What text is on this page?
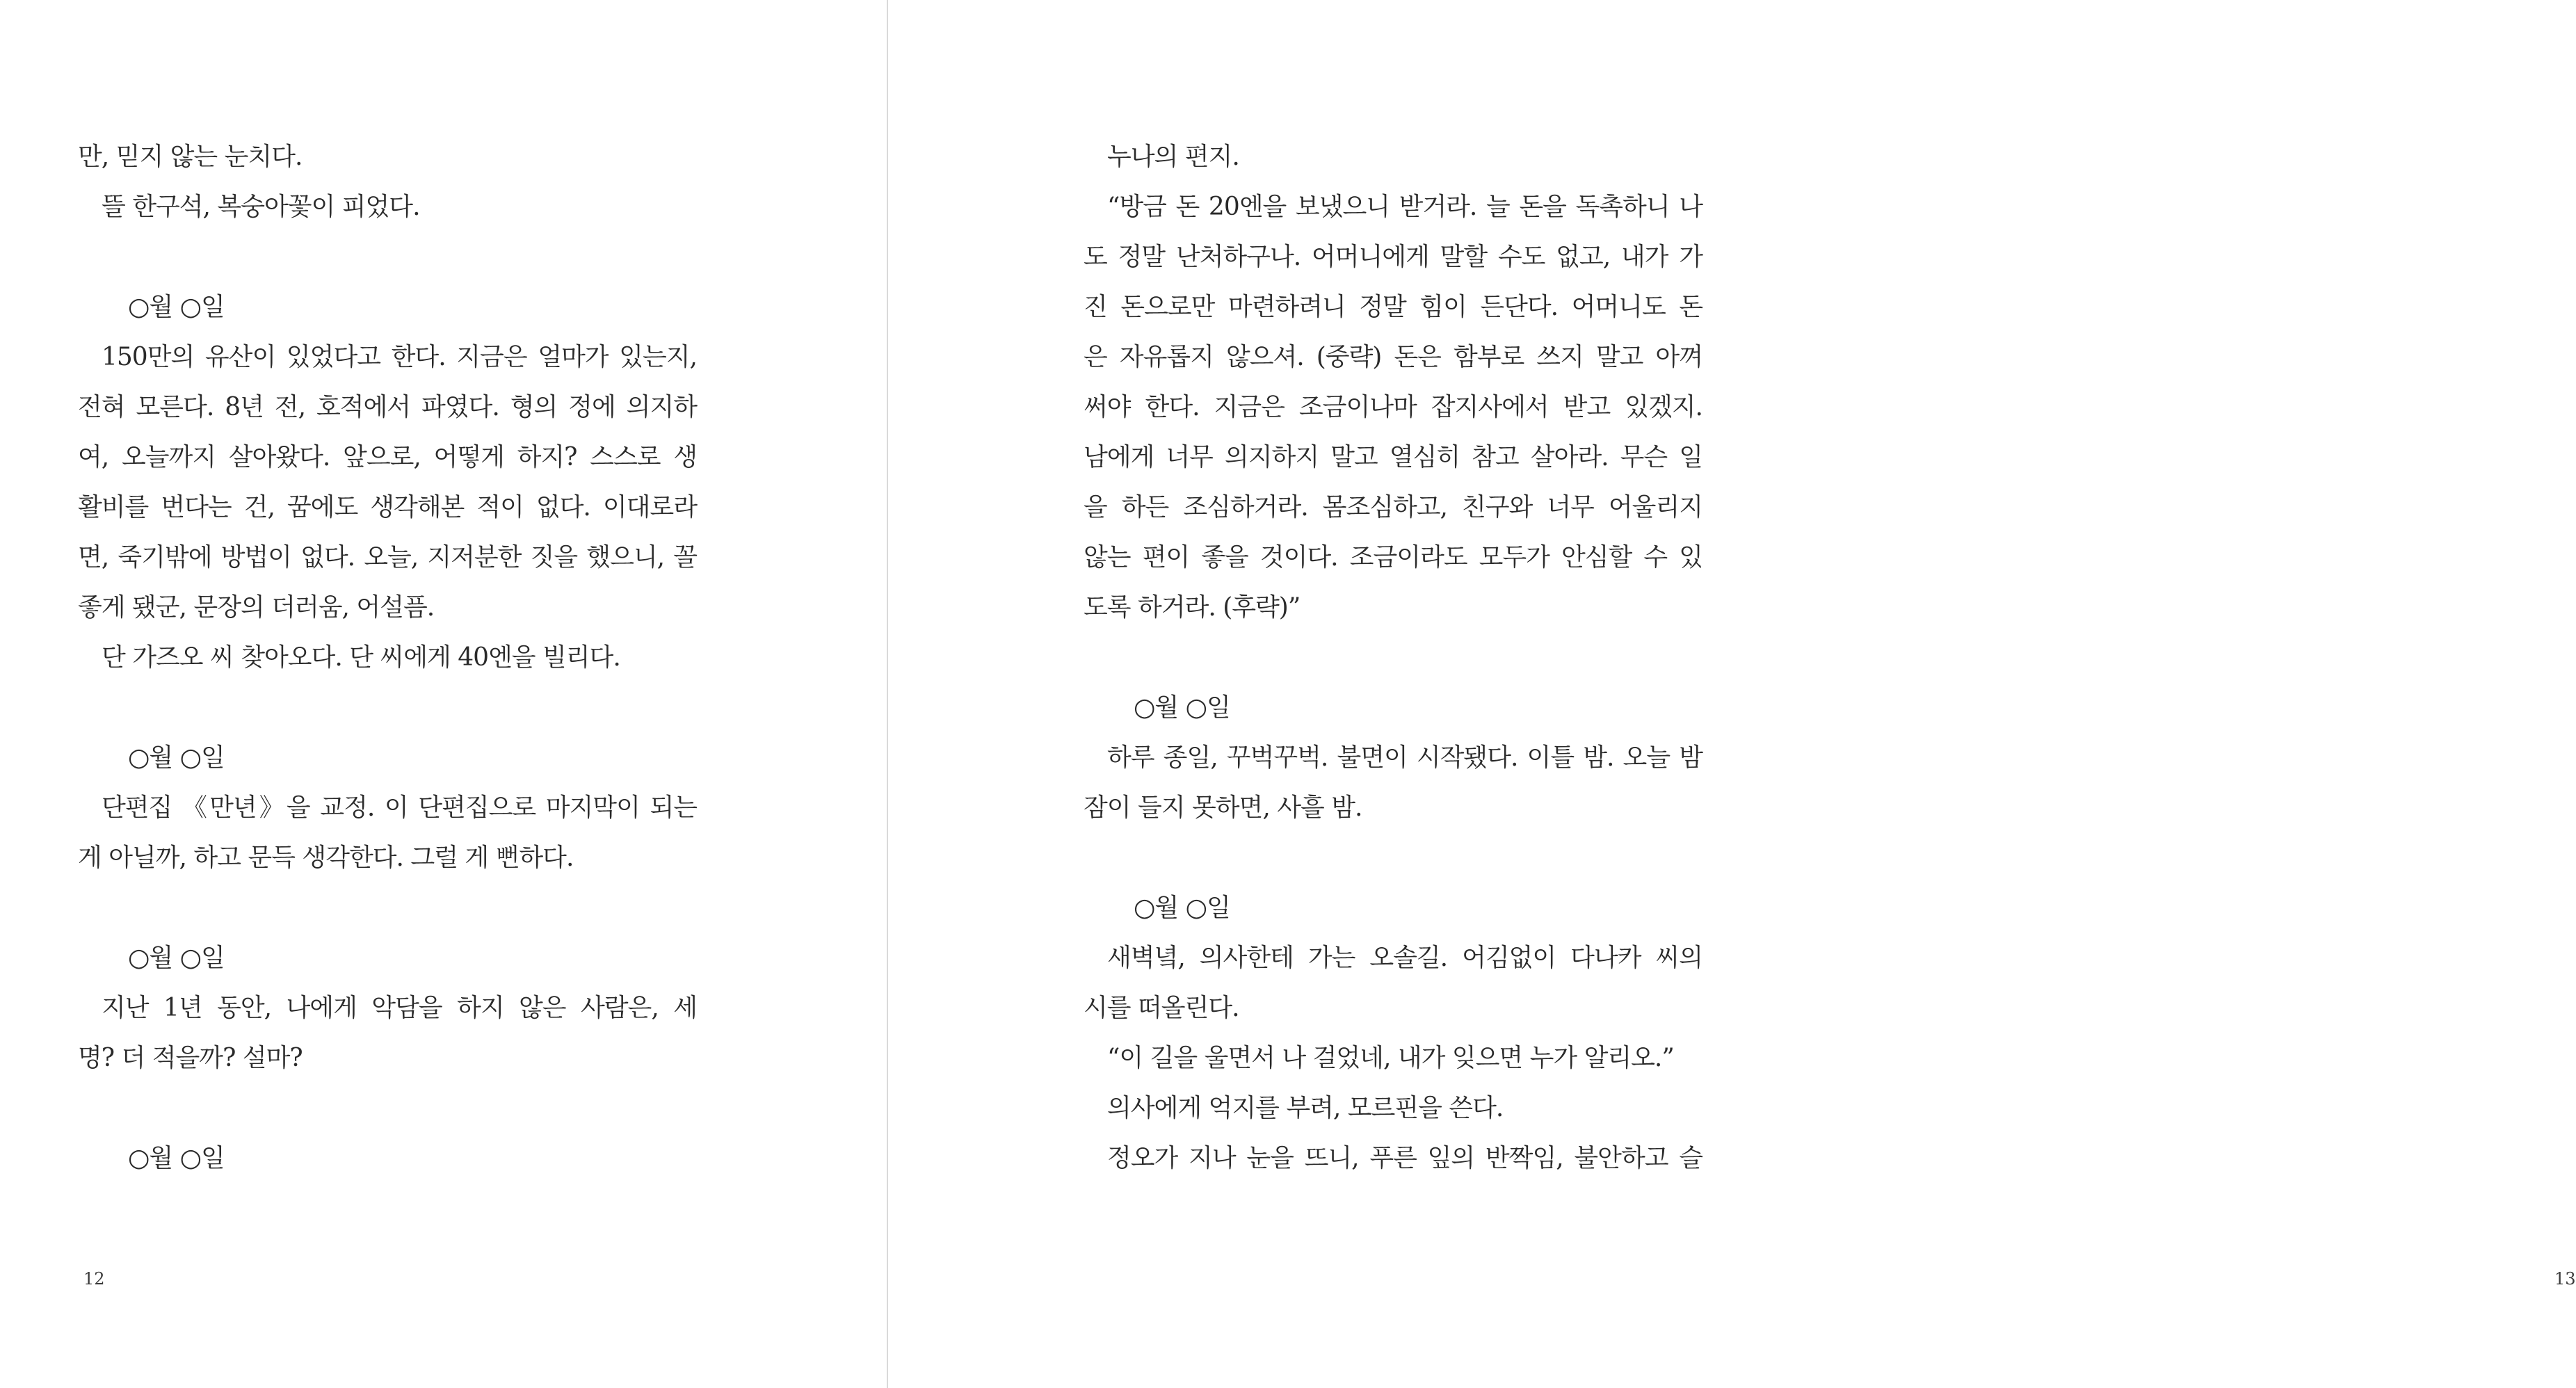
만, 믿지 않는 눈치다.
뜰 한구석, 복숭아꽃이 피었다.
○월 ○일
150만의 유산이 있었다고 한다. 지금은 얼마가 있는지,
전혀 모른다. 8년 전, 호적에서 파였다. 형의 정에 의지하
여, 오늘까지 살아왔다. 앞으로, 어떻게 하지? 스스로 생
활비를 번다는 건, 꿈에도 생각해본 적이 없다. 이대로라
면, 죽기밖에 방법이 없다. 오늘, 지저분한 짓을 했으니, 꼴
좋게 됐군, 문장의 더러움, 어설픔.
단 가즈오 씨 찾아오다. 단 씨에게 40엔을 빌리다.
○월 ○일
단편집 《만년》을 교정. 이 단편집으로 마지막이 되는
게 아닐까, 하고 문득 생각한다. 그럴 게 뻔하다.
○월 ○일
지난 1년 동안, 나에게 악담을 하지 않은 사람은, 세
명? 더 적을까? 설마?
○월 ○일
12
누나의 편지.
“방금 돈 20엔을 보냈으니 받거라. 늘 돈을 독촉하니 나
도 정말 난처하구나. 어머니에게 말할 수도 없고, 내가 가
진 돈으로만 마련하려니 정말 힘이 든단다. 어머니도 돈
은 자유롭지 않으셔. (중략) 돈은 함부로 쓰지 말고 아껴
써야 한다. 지금은 조금이나마 잡지사에서 받고 있겠지.
남에게 너무 의지하지 말고 열심히 참고 살아라. 무슨 일
을 하든 조심하거라. 몸조심하고, 친구와 너무 어울리지
않는 편이 좋을 것이다. 조금이라도 모두가 안심할 수 있
도록 하거라. (후략)”
○월 ○일
하루 종일, 꾸벅꾸벅. 불면이 시작됐다. 이틀 밤. 오늘 밤
잠이 들지 못하면, 사흘 밤.
○월 ○일
새벽녘, 의사한테 가는 오솔길. 어김없이 다나카 씨의
시를 떠올린다.
“이 길을 울면서 나 걸었네, 내가 잊으면 누가 알리오.”
의사에게 억지를 부려, 모르핀을 쓴다.
정오가 지나 눈을 뜨니, 푸른 잎의 반짝임, 불안하고 슬
13
